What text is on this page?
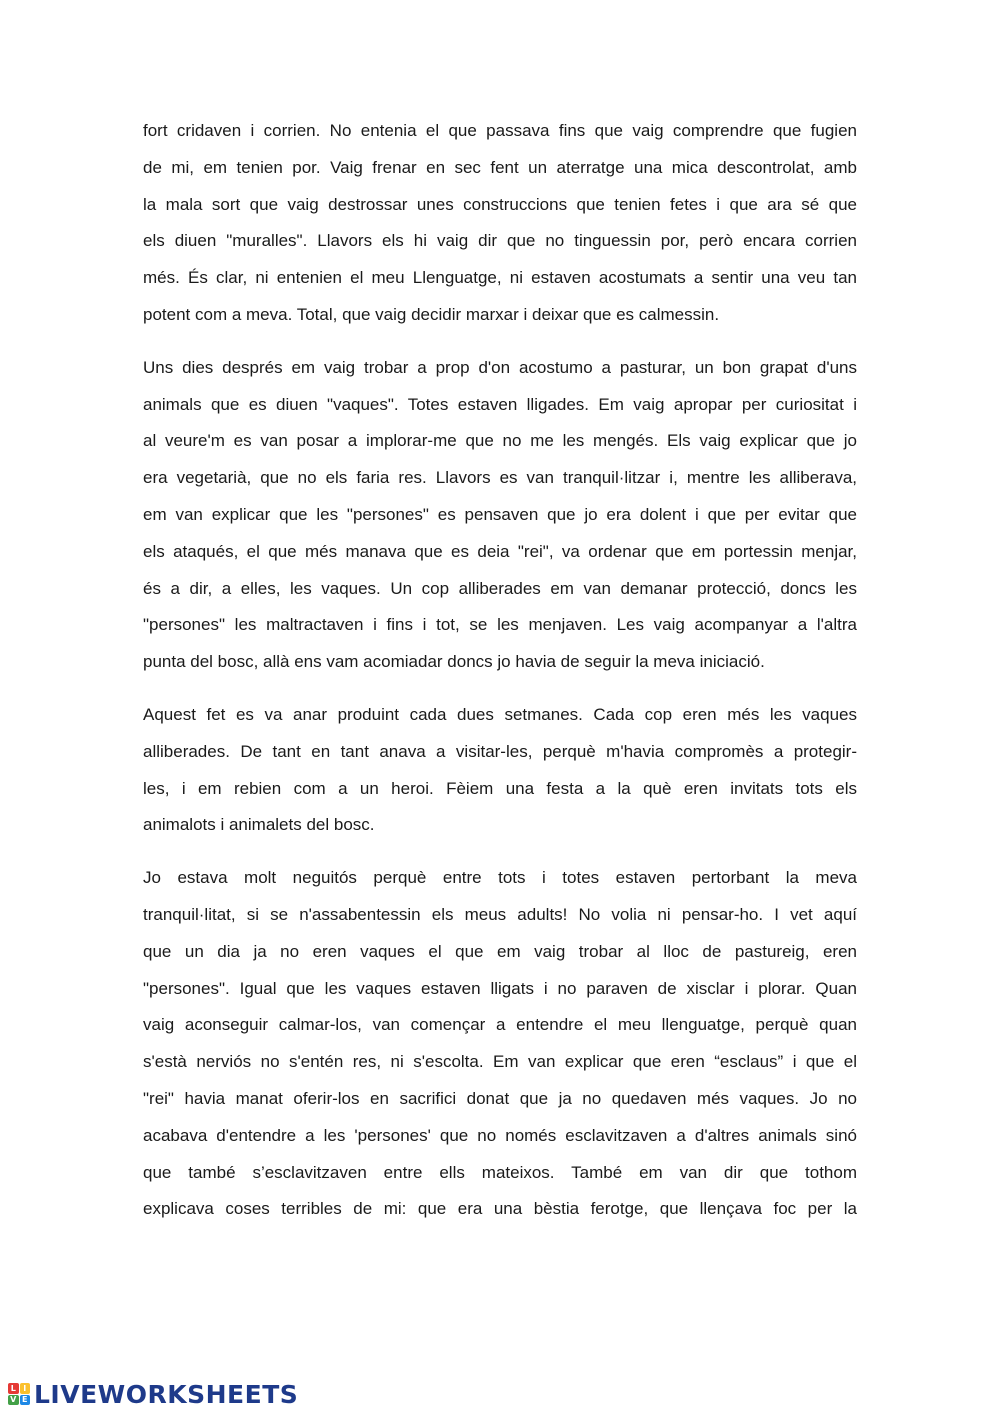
fort cridaven i corrien. No entenia el que passava fins que vaig comprendre que fugien
de mi, em tenien por. Vaig frenar en sec fent un aterratge una mica descontrolat, amb
la mala sort que vaig destrossar unes construccions que tenien fetes i que ara sé que
els diuen "muralles". Llavors els hi vaig dir que no tinguessin por, però encara corrien
més. És clar, ni entenien el meu Llenguatge, ni estaven acostumats a sentir una veu tan
potent com a meva. Total, que vaig decidir marxar i deixar que es calmessin.
Uns dies després em vaig trobar a prop d'on acostumo a pasturar, un bon grapat d'uns
animals que es diuen "vaques". Totes estaven lligades. Em vaig apropar per curiositat i
al veure'm es van posar a implorar-me que no me les mengés. Els vaig explicar que jo
era vegetarià, que no els faria res. Llavors es van tranquil·litzar i, mentre les alliberava,
em van explicar que les "persones" es pensaven que jo era dolent i que per evitar que
els ataqués, el que més manava que es deia "rei", va ordenar que em portessin menjar,
és a dir, a elles, les vaques. Un cop alliberades em van demanar protecció, doncs les
"persones" les maltractaven i fins i tot, se les menjaven. Les vaig acompanyar a l'altra
punta del bosc, allà ens vam acomiadar doncs jo havia de seguir la meva iniciació.
Aquest fet es va anar produint cada dues setmanes. Cada cop eren més les vaques
alliberades. De tant en tant anava a visitar-les, perquè m'havia compromès a protegir-
les, i em rebien com a un heroi. Fèiem una festa a la què eren invitats tots els
animalots i animalets del bosc.
Jo estava molt neguitós perquè entre tots i totes estaven pertorbant la meva
tranquil·litat, si se n'assabentessin els meus adults! No volia ni pensar-ho. I vet aquí
que un dia ja no eren vaques el que em vaig trobar al lloc de pastureig, eren
"persones". Igual que les vaques estaven lligats i no paraven de xisclar i plorar. Quan
vaig aconseguir calmar-los, van començar a entendre el meu llenguatge, perquè quan
s'està nerviós no s'entén res, ni s'escolta. Em van explicar que eren “esclaus” i que el
"rei" havia manat oferir-los en sacrifici donat que ja no quedaven més vaques. Jo no
acabava d'entendre a les 'persones' que no només esclavitzaven a d'altres animals sinó
que també s’esclavitzaven entre ells mateixos. També em van dir que tothom
explicava coses terribles de mi: que era una bèstia ferotge, que llençava foc per la
L I
V E LIVEWORKSHEETS
